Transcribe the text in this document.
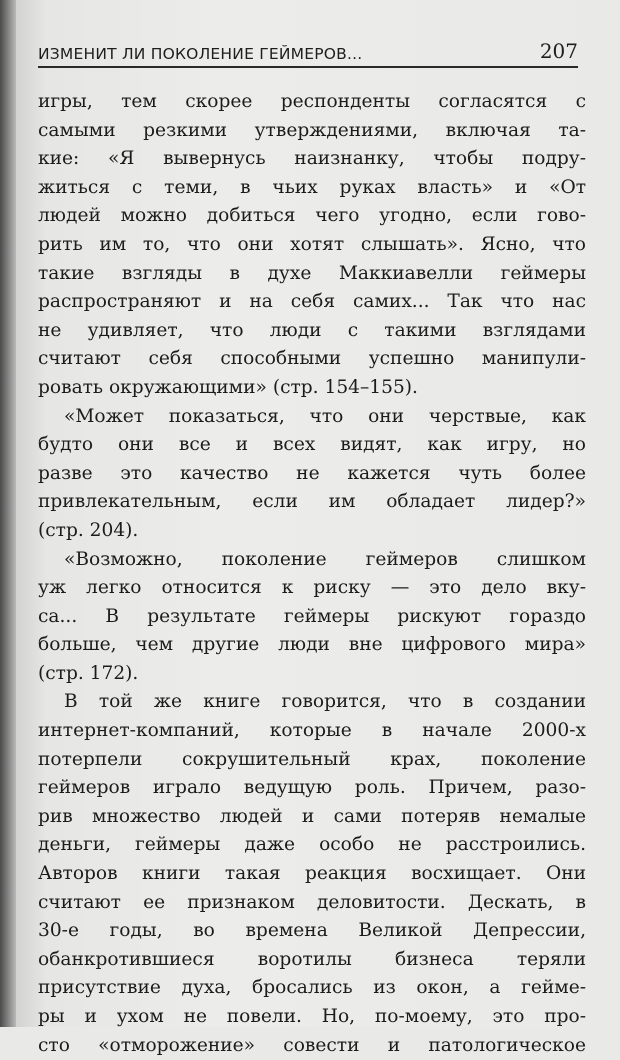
ИЗМЕНИТ ЛИ ПОКОЛЕНИЕ ГЕЙМЕРОВ...	207
игры, тем скорее респонденты согласятся с
самыми резкими утверждениями, включая та-
кие: «Я вывернусь наизнанку, чтобы подру-
житься с теми, в чьих руках власть» и «От
людей можно добиться чего угодно, если гово-
рить им то, что они хотят слышать». Ясно, что
такие взгляды в духе Маккиавелли геймеры
распространяют и на себя самих... Так что нас
не удивляет, что люди с такими взглядами
считают себя способными успешно манипули-
ровать окружающими» (стр. 154–155).
«Может показаться, что они черствые, как
будто они все и всех видят, как игру, но
разве это качество не кажется чуть более
привлекательным, если им обладает лидер?»
(стр. 204).
«Возможно, поколение геймеров слишком
уж легко относится к риску — это дело вку-
са... В результате геймеры рискуют гораздо
больше, чем другие люди вне цифрового мира»
(стр. 172).
В той же книге говорится, что в создании
интернет-компаний, которые в начале 2000-х
потерпели сокрушительный крах, поколение
геймеров играло ведущую роль. Причем, разо-
рив множество людей и сами потеряв немалые
деньги, геймеры даже особо не расстроились.
Авторов книги такая реакция восхищает. Они
считают ее признаком деловитости. Дескать, в
30-е годы, во времена Великой Депрессии,
обанкротившиеся воротилы бизнеса теряли
присутствие духа, бросались из окон, а гейме-
ры и ухом не повели. Но, по-моему, это про-
сто «отморожение» совести и патологическое
